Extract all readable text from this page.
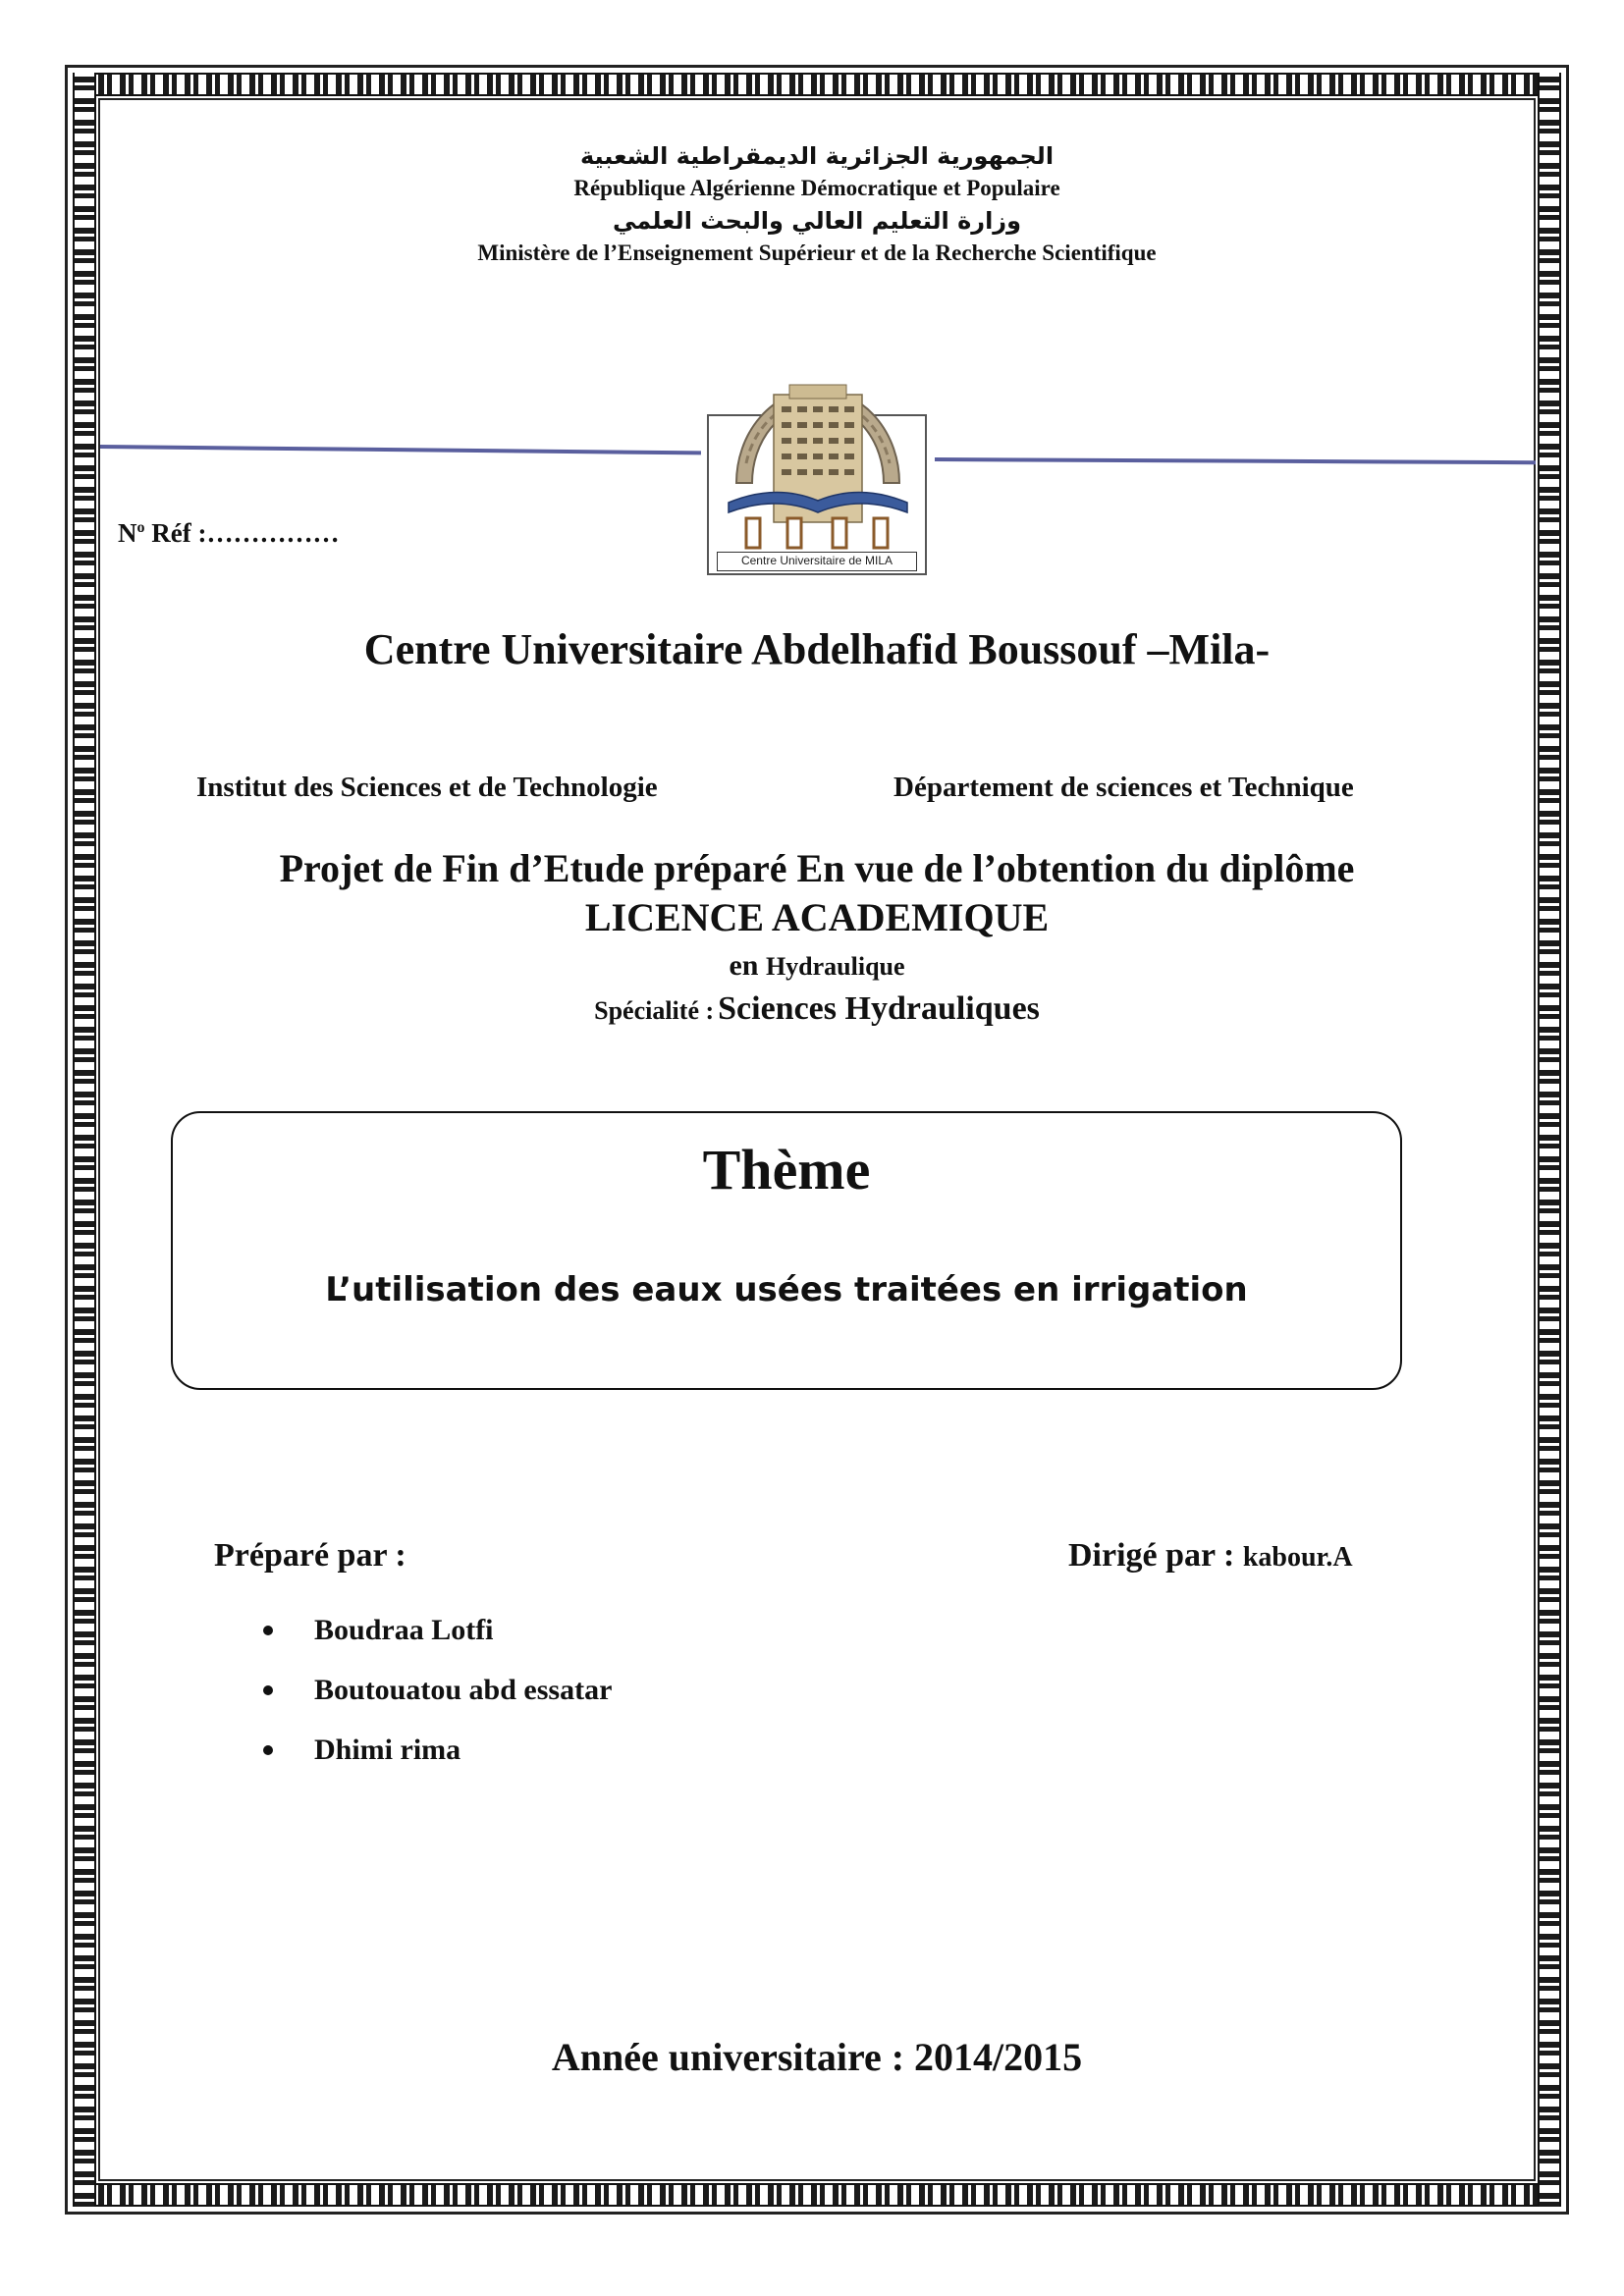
الجمهورية الجزائرية الديمقراطية الشعبية
République Algérienne Démocratique et Populaire
وزارة التعليم العالي والبحث العلمي
Ministère de l’Enseignement Supérieur et de la Recherche Scientifique
Centre Universitaire de MILA
$N^o$ Réf :……………
Centre Universitaire Abdelhafid Boussouf –Mila-
Institut des Sciences et de Technologie	Département de sciences et Technique
Projet de Fin d’Etude préparé En vue de l’obtention du diplôme
LICENCE ACADEMIQUE
en Hydraulique
Spécialité : Sciences Hydrauliques
Thème
L’utilisation des eaux usées traitées en irrigation
Préparé par :	Dirigé par : kabour.A
Boudraa Lotfi
Boutouatou abd essatar
Dhimi rima
Année universitaire : 2014/2015
